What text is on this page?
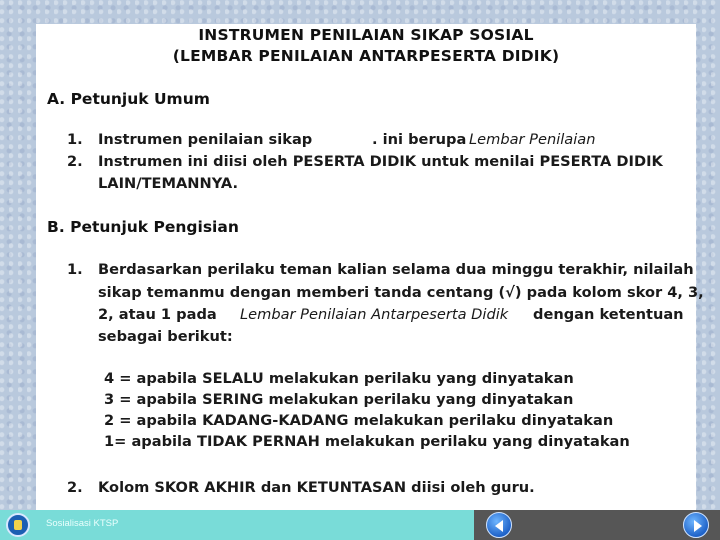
INSTRUMEN PENILAIAN SIKAP SOSIAL
(LEMBAR PENILAIAN ANTARPESERTA DIDIK)
A. Petunjuk Umum
1. Instrumen penilaian sikap	. ini berupa Lembar Penilaian
2. Instrumen ini diisi oleh PESERTA DIDIK untuk menilai PESERTA DIDIK
LAIN/TEMANNYA.
B. Petunjuk Pengisian
1. Berdasarkan perilaku teman kalian selama dua minggu terakhir, nilailah
sikap temanmu dengan memberi tanda centang (√) pada kolom skor 4, 3,
2, atau 1 pada Lembar Penilaian Antarpeserta Didik dengan ketentuan
sebagai berikut:
4 = apabila SELALU melakukan perilaku yang dinyatakan
3 = apabila SERING melakukan perilaku yang dinyatakan
2 = apabila KADANG-KADANG melakukan perilaku dinyatakan
1= apabila TIDAK PERNAH melakukan perilaku yang dinyatakan
2. Kolom SKOR AKHIR dan KETUNTASAN diisi oleh guru.
Sosialisasi KTSP
